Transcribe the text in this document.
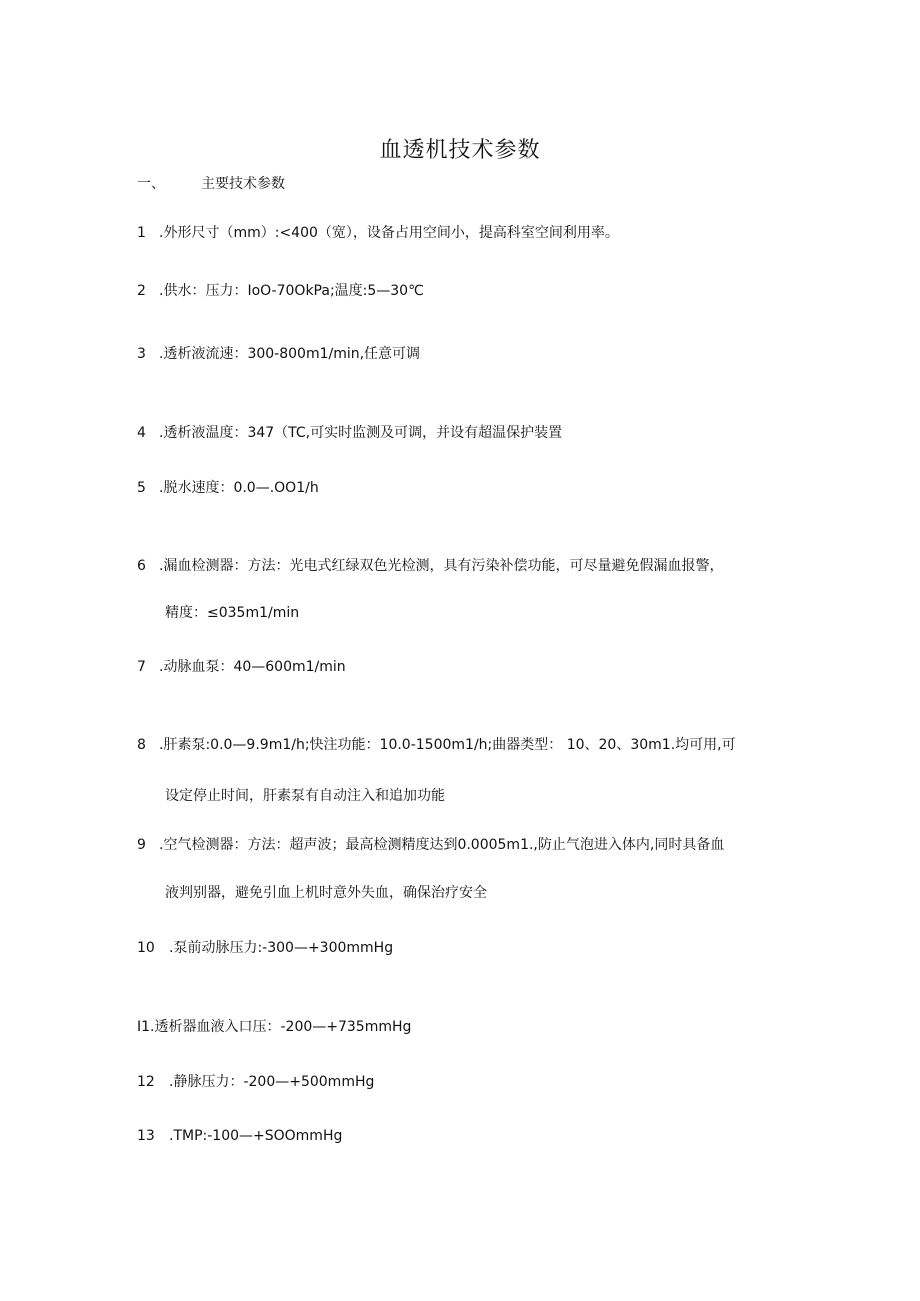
血透机技术参数
一、	主要技术参数
1 .外形尺寸（mm）:<400（宽），设备占用空间小，提高科室空间利用率。
2 .供水：压力：IoO-70OkPa;温度:5—30℃
3 .透析液流速：300-800m1∕min,任意可调
4 .透析液温度：347（TC,可实时监测及可调，并设有超温保护装置
5 .脱水速度：0.0—.OO1∕h
6 .漏血检测器：方法：光电式红绿双色光检测，具有污染补偿功能，可尽量避免假漏血报警，
精度：≤035m1∕min
7 .动脉血泵：40—600m1∕min
8 .肝素泵:0.0—9.9m1∕h;快注功能：10.0-1500m1∕h;曲器类型： 10、20、30m1.均可用,可
设定停止时间，肝素泵有自动注入和追加功能
9 .空气检测器：方法：超声波；最高检测精度达到0.0005m1.,防止气泡进入体内,同时具备血
液判别器，避免引血上机时意外失血，确保治疗安全
10 .泵前动脉压力:-300—+300mmHg
I1.透析器血液入口压：-200—+735mmHg
12 .静脉压力：-200—+500mmHg
13 .TMP:-100—+SOOmmHg
